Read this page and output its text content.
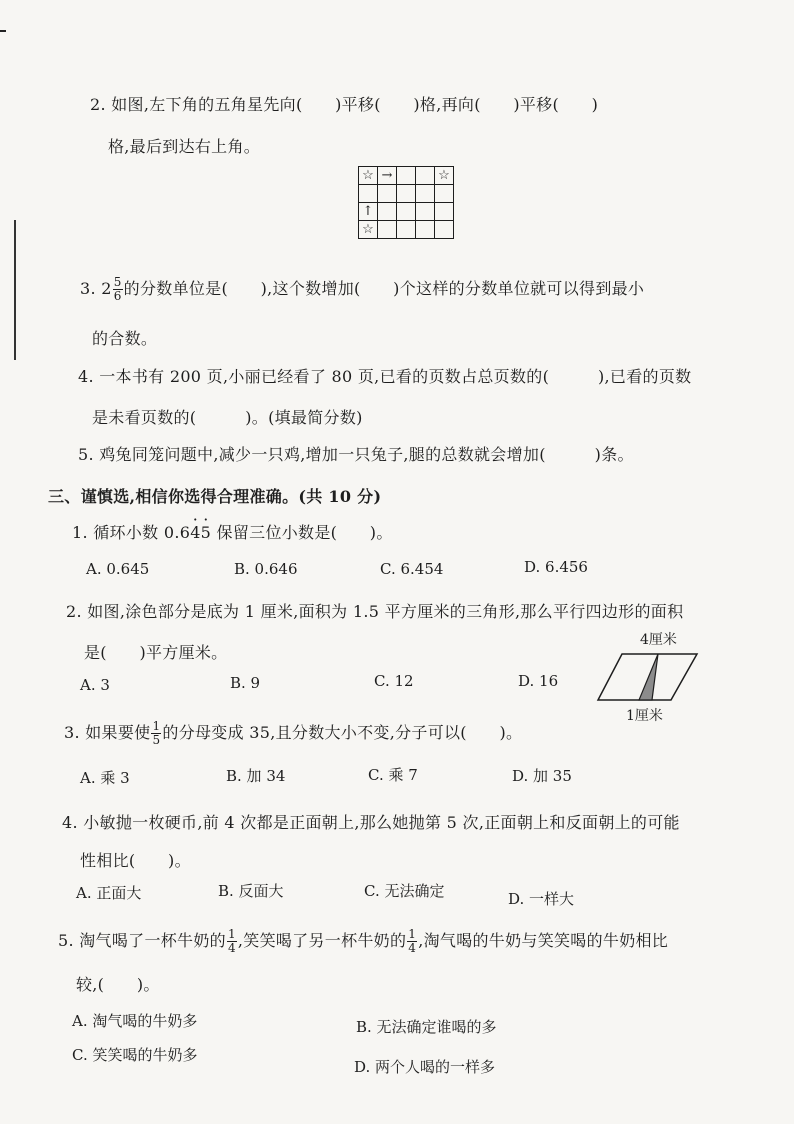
2. 如图,左下角的五角星先向(　　)平移(　　)格,再向(　　)平移(　　)
格,最后到达右上角。
☆	→			☆

↑				
☆				
3. $2 \frac{5}{6}$ 的分数单位是(　　),这个数增加(　　)个这样的分数单位就可以得到最小
的合数。
4. 一本书有 200 页,小丽已经看了 80 页,已看的页数占总页数的(　　　),已看的页数
是未看页数的(　　　)。(填最简分数)
5. 鸡兔同笼问题中,减少一只鸡,增加一只兔子,腿的总数就会增加(　　　)条。
三、谨慎选,相信你选得合理准确。(共 10 分)
1. 循环小数 0.6· 4· 5 保留三位小数是(　　)。
A. 0.645	B. 0.646	C. 6.454	D. 6.456
2. 如图,涂色部分是底为 1 厘米,面积为 1.5 平方厘米的三角形,那么平行四边形的面积
是(　　)平方厘米。
A. 3	B. 9	C. 12	D. 16
4厘米
1厘米
3. 如果要使 $\frac{1}{5}$ 的分母变成 35,且分数大小不变,分子可以(　　)。
A. 乘 3	B. 加 34	C. 乘 7	D. 加 35
4. 小敏抛一枚硬币,前 4 次都是正面朝上,那么她抛第 5 次,正面朝上和反面朝上的可能
性相比(　　)。
A. 正面大	B. 反面大	C. 无法确定	D. 一样大
5. 淘气喝了一杯牛奶的 $\frac{1}{4}$ ,笑笑喝了另一杯牛奶的 $\frac{1}{4}$ ,淘气喝的牛奶与笑笑喝的牛奶相比
较,(　　)。
A. 淘气喝的牛奶多	B. 无法确定谁喝的多
C. 笑笑喝的牛奶多
D. 两个人喝的一样多
